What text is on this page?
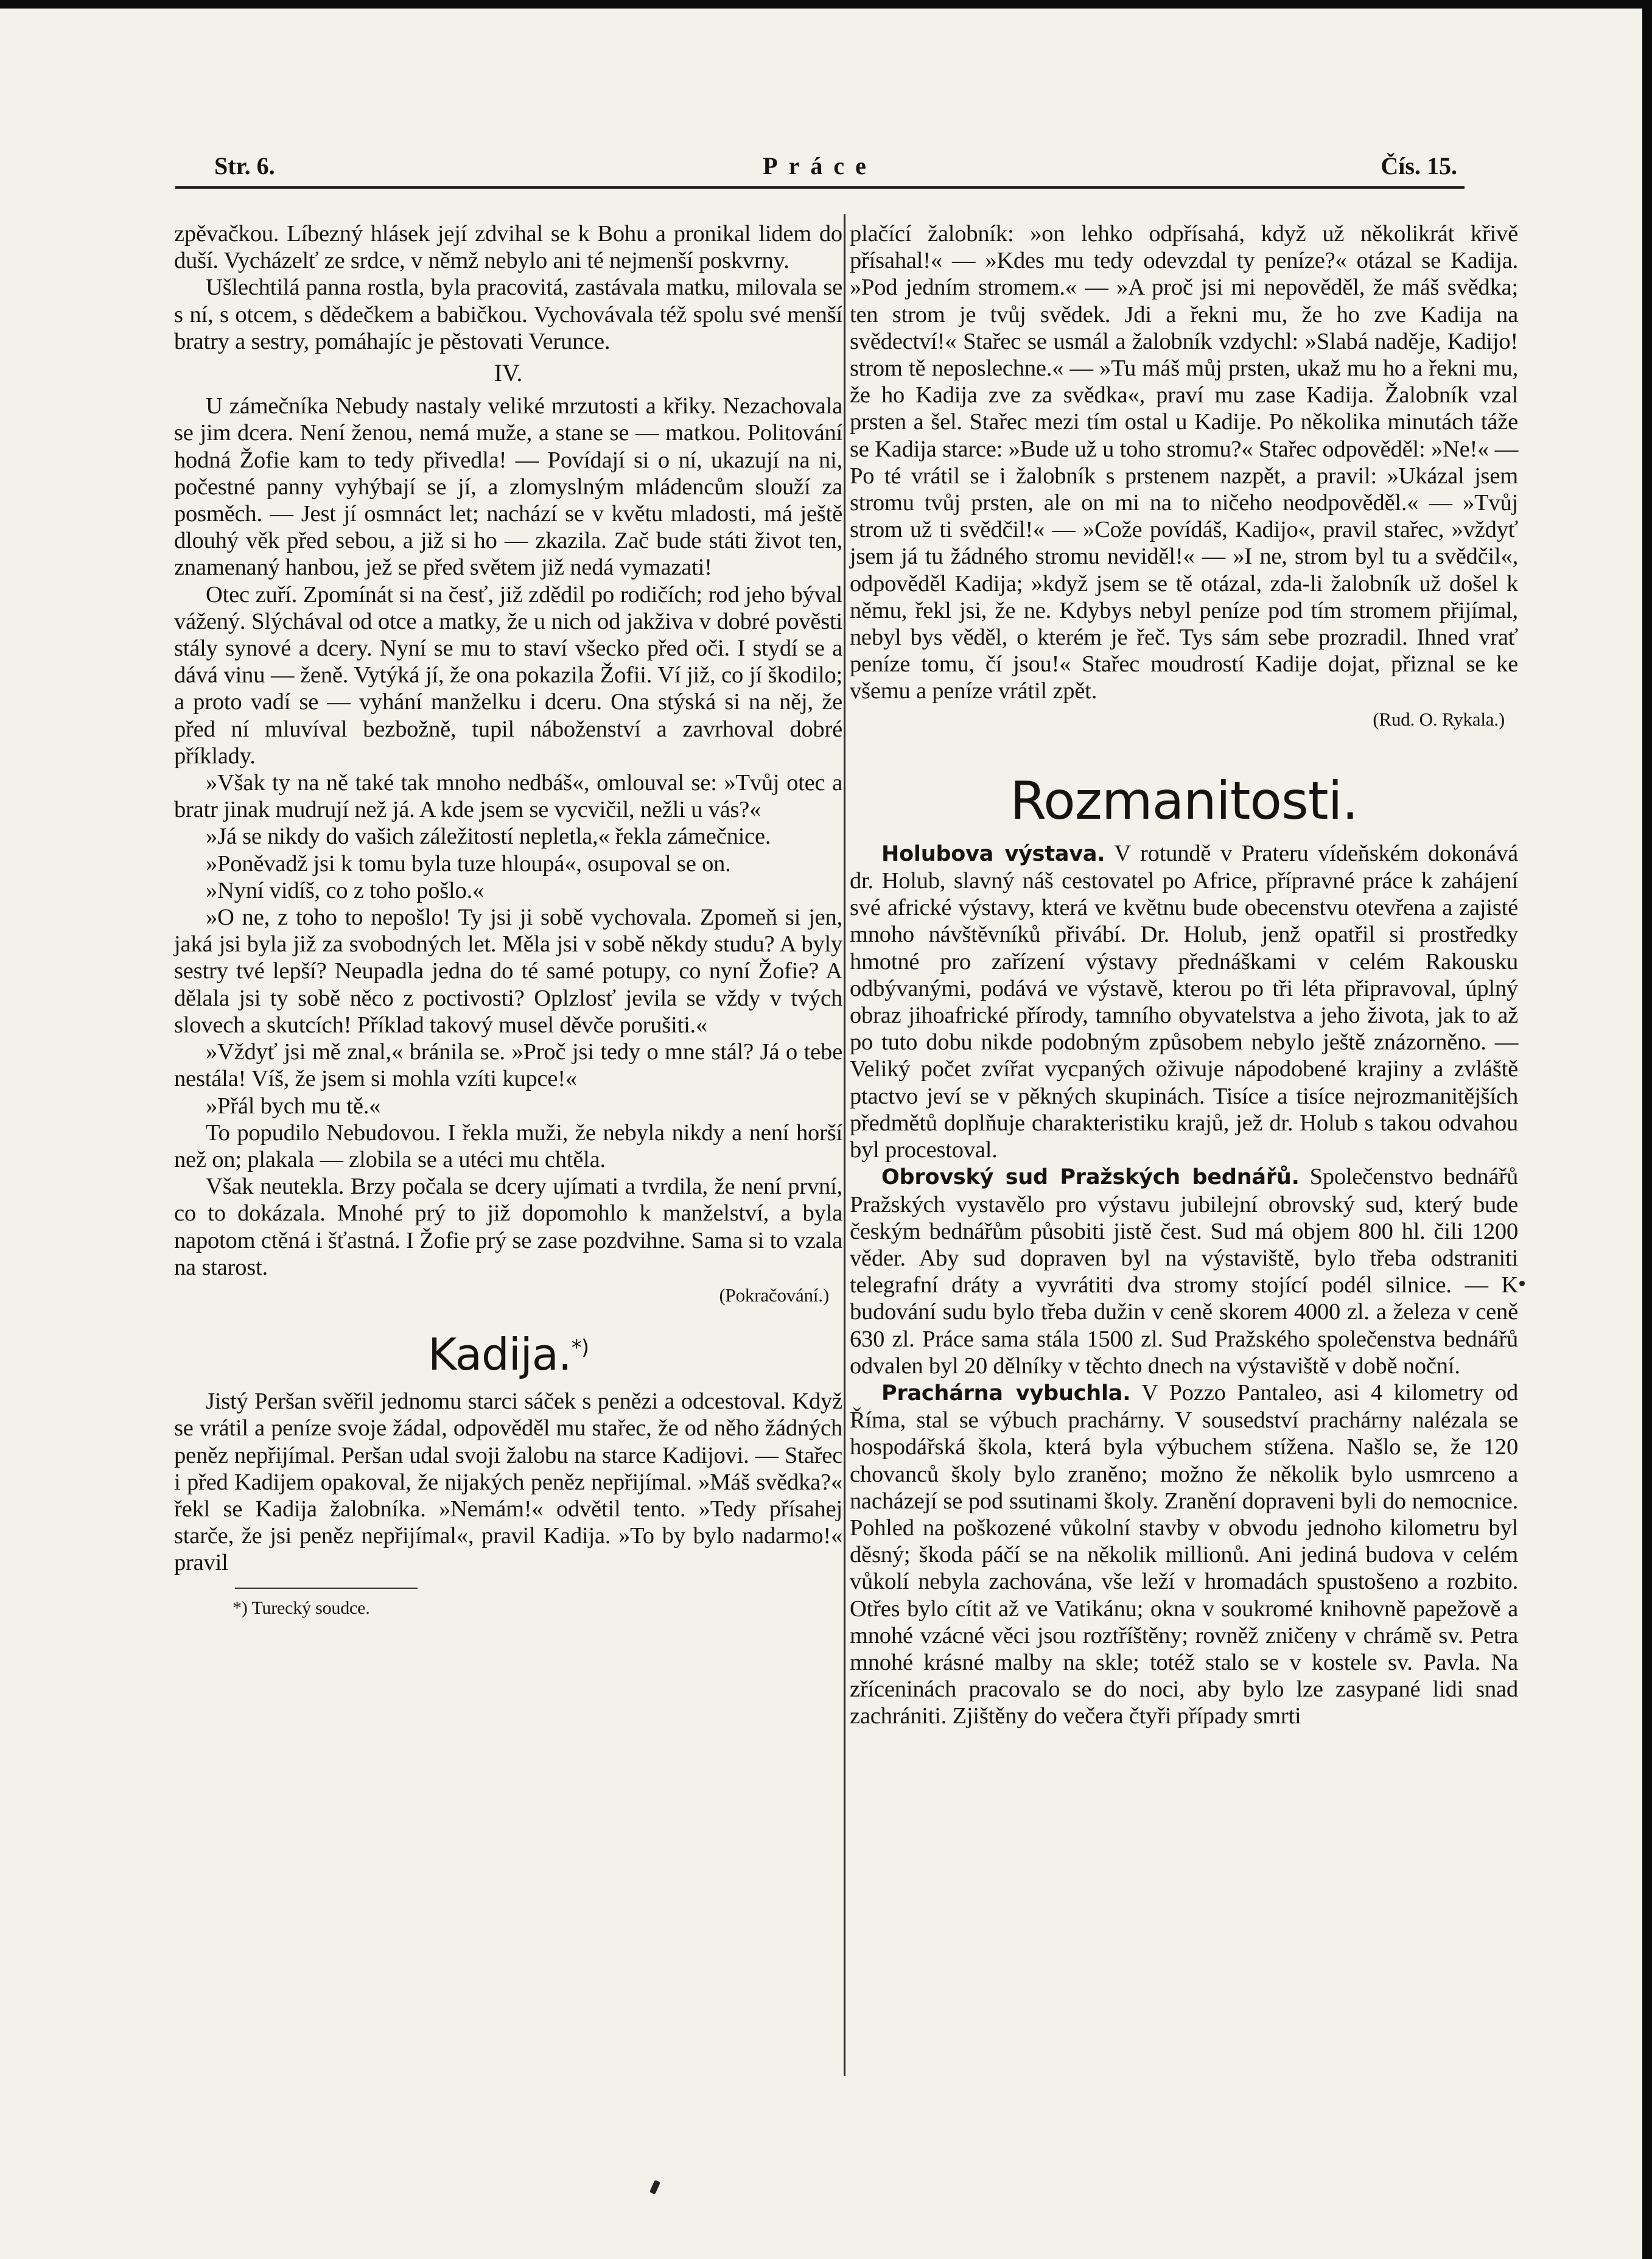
Str. 6.	Práce	Čís. 15.

zpěvačkou. Líbezný hlásek její zdvihal se k Bohu a pronikal lidem do duší. Vycházelť ze srdce, v němž nebylo ani té nejmenší poskvrny.

Ušlechtilá panna rostla, byla pracovitá, zastávala matku, milovala se s ní, s otcem, s dědečkem a babičkou. Vychovávala též spolu své menší bratry a sestry, pomáhajíc je pěstovati Verunce.

IV.

U zámečníka Nebudy nastaly veliké mrzutosti a křiky. Nezachovala se jim dcera. Není ženou, nemá muže, a stane se — matkou. Politování hodná Žofie kam to tedy přivedla! — Povídají si o ní, ukazují na ni, počestné panny vyhýbají se jí, a zlomyslným mládencům slouží za posměch. — Jest jí osmnáct let; nachází se v květu mladosti, má ještě dlouhý věk před sebou, a již si ho — zkazila. Zač bude státi život ten, znamenaný hanbou, jež se před světem již nedá vymazati!

Otec zuří. Zpomínát si na česť, již zdědil po rodičích; rod jeho býval vážený. Slýchával od otce a matky, že u nich od jakživa v dobré pověsti stály synové a dcery. Nyní se mu to staví všecko před oči. I stydí se a dává vinu — ženě. Vytýká jí, že ona pokazila Žofii. Ví již, co jí škodilo; a proto vadí se — vyhání manželku i dceru. Ona stýská si na něj, že před ní mluvíval bezbožně, tupil náboženství a zavrhoval dobré příklady.

»Však ty na ně také tak mnoho nedbáš«, omlouval se: »Tvůj otec a bratr jinak mudrují než já. A kde jsem se vycvičil, nežli u vás?«

»Já se nikdy do vašich záležitostí nepletla,« řekla zámečnice.

»Poněvadž jsi k tomu byla tuze hloupá«, osupoval se on.

»Nyní vidíš, co z toho pošlo.«

»O ne, z toho to nepošlo! Ty jsi ji sobě vychovala. Zpomeň si jen, jaká jsi byla již za svobodných let. Měla jsi v sobě někdy studu? A byly sestry tvé lepší? Neupadla jedna do té samé potupy, co nyní Žofie? A dělala jsi ty sobě něco z poctivosti? Oplzlosť jevila se vždy v tvých slovech a skutcích! Příklad takový musel děvče porušiti.«

»Vždyť jsi mě znal,« bránila se. »Proč jsi tedy o mne stál? Já o tebe nestála! Víš, že jsem si mohla vzíti kupce!«

»Přál bych mu tě.«

To popudilo Nebudovou. I řekla muži, že nebyla nikdy a není horší než on; plakala — zlobila se a utéci mu chtěla.

Však neutekla. Brzy počala se dcery ujímati a tvrdila, že není první, co to dokázala. Mnohé prý to již dopomohlo k manželství, a byla napotom ctěná i šťastná. I Žofie prý se zase pozdvihne. Sama si to vzala na starost.

(Pokračování.)
Kadija.*)

Jistý Peršan svěřil jednomu starci sáček s penězi a odcestoval. Když se vrátil a peníze svoje žádal, odpověděl mu stařec, že od něho žádných peněz nepřijímal. Peršan udal svoji žalobu na starce Kadijovi. — Stařec i před Kadijem opakoval, že nijakých peněz nepřijímal. »Máš svědka?« řekl se Kadija žalobníka. »Nemám!« odvětil tento. »Tedy přísahej starče, že jsi peněz nepřijímal«, pravil Kadija. »To by bylo nadarmo!« pravil

*) Turecký soudce.

plačící žalobník: »on lehko odpřísahá, když už několikrát křivě přísahal!« — »Kdes mu tedy odevzdal ty peníze?« otázal se Kadija. »Pod jedním stromem.« — »A proč jsi mi nepověděl, že máš svědka; ten strom je tvůj svědek. Jdi a řekni mu, že ho zve Kadija na svědectví!« Stařec se usmál a žalobník vzdychl: »Slabá naděje, Kadijo! strom tě neposlechne.« — »Tu máš můj prsten, ukaž mu ho a řekni mu, že ho Kadija zve za svědka«, praví mu zase Kadija. Žalobník vzal prsten a šel. Stařec mezi tím ostal u Kadije. Po několika minutách táže se Kadija starce: »Bude už u toho stromu?« Stařec odpověděl: »Ne!« — Po té vrátil se i žalobník s prstenem nazpět, a pravil: »Ukázal jsem stromu tvůj prsten, ale on mi na to ničeho neodpověděl.« — »Tvůj strom už ti svědčil!« — »Cože povídáš, Kadijo«, pravil stařec, »vždyť jsem já tu žádného stromu neviděl!« — »I ne, strom byl tu a svědčil«, odpověděl Kadija; »když jsem se tě otázal, zda-li žalobník už došel k němu, řekl jsi, že ne. Kdybys nebyl peníze pod tím stromem přijímal, nebyl bys věděl, o kterém je řeč. Tys sám sebe prozradil. Ihned vrať peníze tomu, čí jsou!« Stařec moudrostí Kadije dojat, přiznal se ke všemu a peníze vrátil zpět.

(Rud. O. Rykala.)
Rozmanitosti.

Holubova výstava. V rotundě v Prateru vídeňském dokonává dr. Holub, slavný náš cestovatel po Africe, přípravné práce k zahájení své africké výstavy, která ve květnu bude obecenstvu otevřena a zajisté mnoho návštěvníků přivábí. Dr. Holub, jenž opatřil si prostředky hmotné pro zařízení výstavy přednáškami v celém Rakousku odbývanými, podává ve výstavě, kterou po tři léta připravoval, úplný obraz jihoafrické přírody, tamního obyvatelstva a jeho života, jak to až po tuto dobu nikde podobným způsobem nebylo ještě znázorněno. — Veliký počet zvířat vycpaných oživuje nápodobené krajiny a zvláště ptactvo jeví se v pěkných skupinách. Tisíce a tisíce nejrozmanitějších předmětů doplňuje charakteristiku krajů, jež dr. Holub s takou odvahou byl procestoval.

Obrovský sud Pražských bednářů. Společenstvo bednářů Pražských vystavělo pro výstavu jubilejní obrovský sud, který bude českým bednářům působiti jistě čest. Sud má objem 800 hl. čili 1200 věder. Aby sud dopraven byl na výstaviště, bylo třeba odstraniti telegrafní dráty a vyvrátiti dva stromy stojící podél silnice. — K budování sudu bylo třeba dužin v ceně skorem 4000 zl. a železa v ceně 630 zl. Práce sama stála 1500 zl. Sud Pražského společenstva bednářů odvalen byl 20 dělníky v těchto dnech na výstaviště v době noční.

Prachárna vybuchla. V Pozzo Pantaleo, asi 4 kilometry od Říma, stal se výbuch prachárny. V sousedství prachárny nalézala se hospodářská škola, která byla výbuchem stížena. Našlo se, že 120 chovanců školy bylo zraněno; možno že několik bylo usmrceno a nacházejí se pod ssutinami školy. Zranění dopraveni byli do nemocnice. Pohled na poškozené vůkolní stavby v obvodu jednoho kilometru byl děsný; škoda páčí se na několik millionů. Ani jediná budova v celém vůkolí nebyla zachována, vše leží v hromadách spustošeno a rozbito. Otřes bylo cítit až ve Vatikánu; okna v soukromé knihovně papežově a mnohé vzácné věci jsou roztříštěny; rovněž zničeny v chrámě sv. Petra mnohé krásné malby na skle; totéž stalo se v kostele sv. Pavla. Na zříceninách pracovalo se do noci, aby bylo lze zasypané lidi snad zachrániti. Zjištěny do večera čtyři případy smrti
